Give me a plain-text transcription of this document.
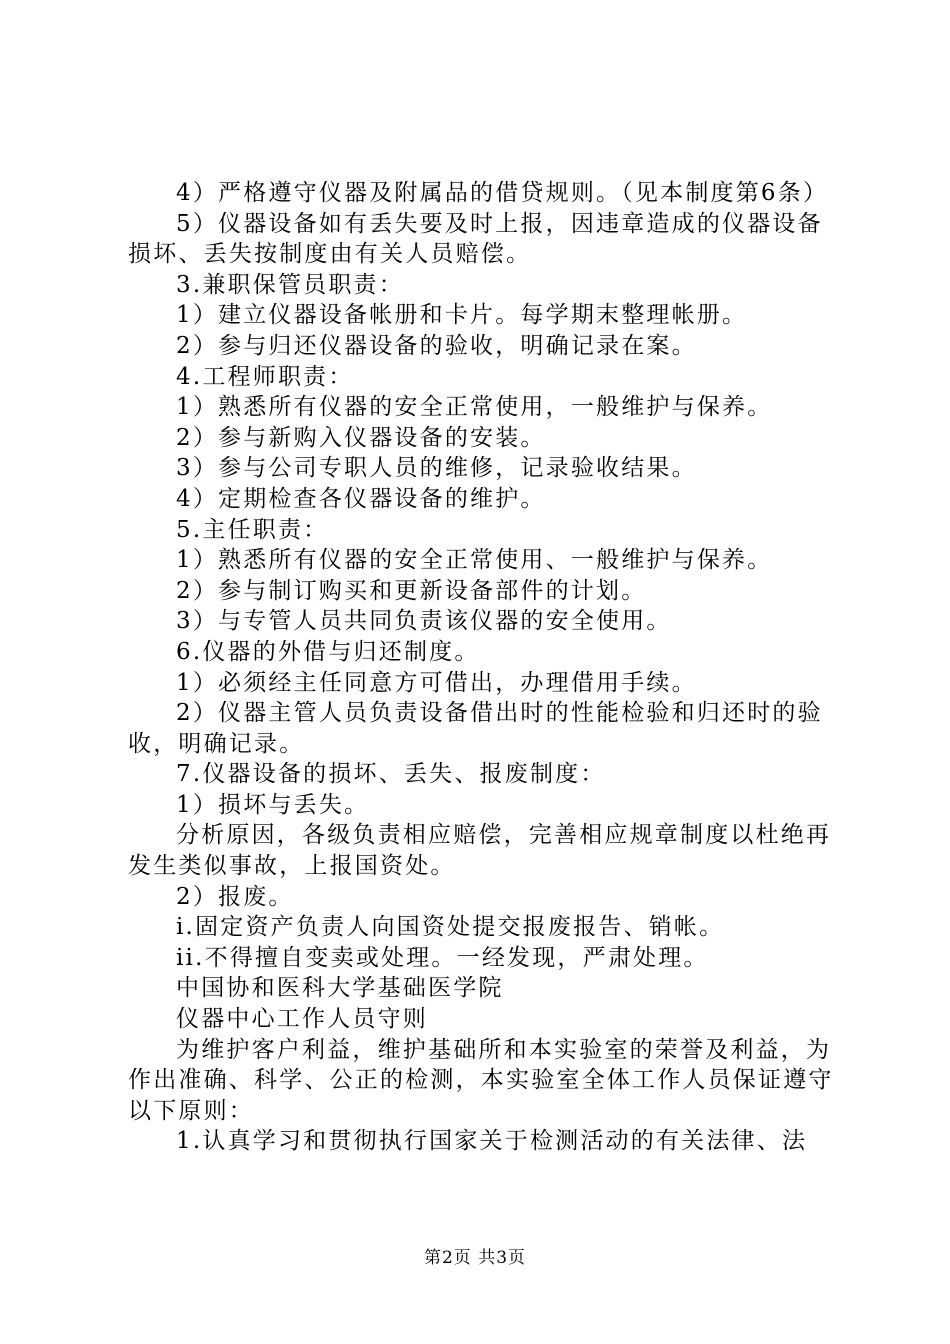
4）严格遵守仪器及附属品的借贷规则。（见本制度第6条）

5）仪器设备如有丢失要及时上报，因违章造成的仪器设备损坏、丢失按制度由有关人员赔偿。

3.兼职保管员职责：

1）建立仪器设备帐册和卡片。每学期末整理帐册。

2）参与归还仪器设备的验收，明确记录在案。

4.工程师职责：

1）熟悉所有仪器的安全正常使用，一般维护与保养。

2）参与新购入仪器设备的安装。

3）参与公司专职人员的维修，记录验收结果。

4）定期检查各仪器设备的维护。

5.主任职责：

1）熟悉所有仪器的安全正常使用、一般维护与保养。

2）参与制订购买和更新设备部件的计划。

3）与专管人员共同负责该仪器的安全使用。

6.仪器的外借与归还制度。

1）必须经主任同意方可借出，办理借用手续。

2）仪器主管人员负责设备借出时的性能检验和归还时的验收，明确记录。

7.仪器设备的损坏、丢失、报废制度：

1）损坏与丢失。

分析原因，各级负责相应赔偿，完善相应规章制度以杜绝再发生类似事故，上报国资处。

2）报废。

i.固定资产负责人向国资处提交报废报告、销帐。

ii.不得擅自变卖或处理。一经发现，严肃处理。

中国协和医科大学基础医学院

仪器中心工作人员守则

为维护客户利益，维护基础所和本实验室的荣誉及利益，为作出准确、科学、公正的检测，本实验室全体工作人员保证遵守以下原则：

1.认真学习和贯彻执行国家关于检测活动的有关法律、法

第2页 共3页
